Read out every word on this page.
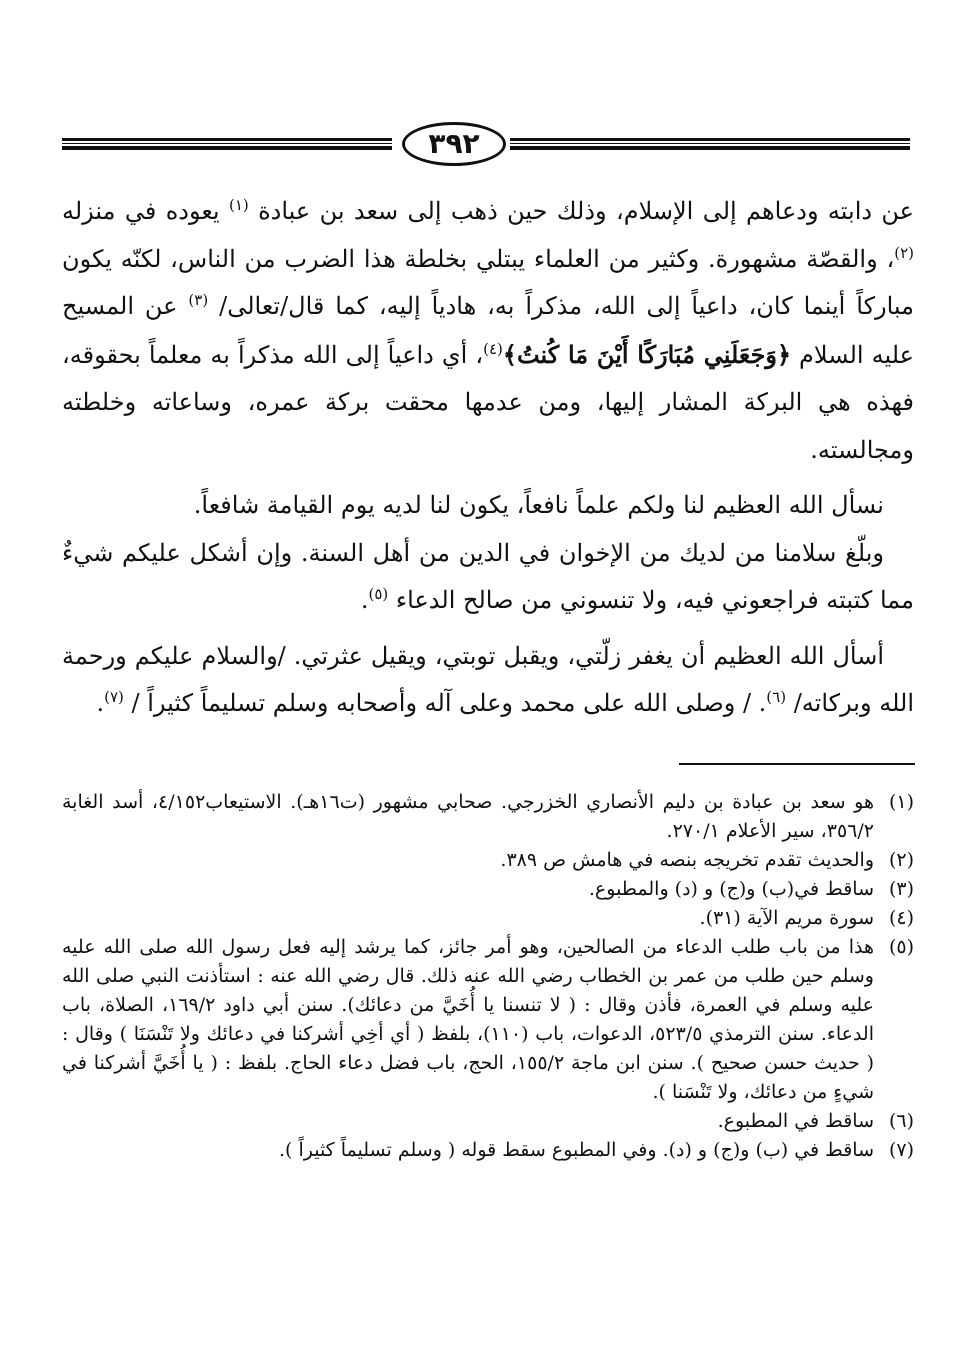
٣٩٢

عن دابته ودعاهم إلى الإسلام، وذلك حين ذهب إلى سعد بن عبادة $^{(١)}$ يعوده في منزله $^{(٢)}$، والقصّة مشهورة. وكثير من العلماء يبتلي بخلطة هذا الضرب من الناس، لكنّه يكون مباركاً أينما كان، داعياً إلى الله، مذكراً به، هادياً إليه، كما قال/تعالى/ $^{(٣)}$ عن المسيح عليه السلام ﴿وَجَعَلَنِي مُبَارَكًا أَيْنَ مَا كُنتُ﴾$^{(٤)}$، أي داعياً إلى الله مذكراً به معلماً بحقوقه، فهذه هي البركة المشار إليها، ومن عدمها محقت بركة عمره، وساعاته وخلطته ومجالسته.

نسأل الله العظيم لنا ولكم علماً نافعاً، يكون لنا لديه يوم القيامة شافعاً.

وبلّغ سلامنا من لديك من الإخوان في الدين من أهل السنة. وإن أشكل عليكم شيءٌ مما كتبته فراجعوني فيه، ولا تنسوني من صالح الدعاء $^{(٥)}$.

أسأل الله العظيم أن يغفر زلّتي، ويقبل توبتي، ويقيل عثرتي. /والسلام عليكم ورحمة الله وبركاته/ $^{(٦)}$. / وصلى الله على محمد وعلى آله وأصحابه وسلم تسليماً كثيراً / $^{(٧)}$.

(١)
هو سعد بن عبادة بن دليم الأنصاري الخزرجي. صحابي مشهور (ت١٦هـ). الاستيعاب٤/١٥٢، أسد الغابة ٣٥٦/٢، سير الأعلام ٢٧٠/١.
(٢)
والحديث تقدم تخريجه بنصه في هامش ص ٣٨٩.
(٣)
ساقط في(ب) و(ج) و (د) والمطبوع.
(٤)
سورة مريم الآية (٣١).
(٥)
هذا من باب طلب الدعاء من الصالحين، وهو أمر جائز، كما يرشد إليه فعل رسول الله صلى الله عليه وسلم حين طلب من عمر بن الخطاب رضي الله عنه ذلك. قال رضي الله عنه : استأذنت النبي صلى الله عليه وسلم في العمرة، فأذن وقال : ( لا تنسنا يا أُخَيَّ من دعائك). سنن أبي داود ١٦٩/٢، الصلاة، باب الدعاء. سنن الترمذي ٥٢٣/٥، الدعوات، باب (١١٠)، بلفظ ( أي أخِي أشركنا في دعائك ولا تَنْسَنَا ) وقال : ( حديث حسن صحيح ). سنن ابن ماجة ١٥٥/٢، الحج، باب فضل دعاء الحاج. بلفظ : ( يا أُخَيَّ أشركنا في شيءٍ من دعائك، ولا تَنْسَنا ).
(٦)
ساقط في المطبوع.
(٧)
ساقط في (ب) و(ج) و (د). وفي المطبوع سقط قوله ( وسلم تسليماً كثيراً ).
